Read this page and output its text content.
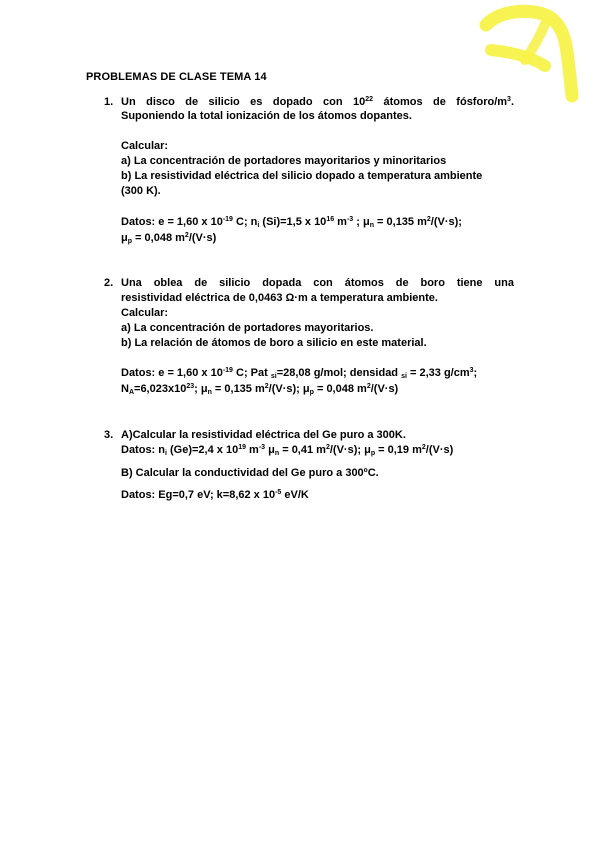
PROBLEMAS DE CLASE TEMA 14
1. Un disco de silicio es dopado con $10^{22}$ átomos de fósforo/$m^3$.
Suponiendo la total ionización de los átomos dopantes.
Calcular:
a) La concentración de portadores mayoritarios y minoritarios
b) La resistividad eléctrica del silicio dopado a temperatura ambiente
(300 K).
Datos: e = 1,60 x $10^{-19}$ C; $n_i$ (Si)=1,5 x $10^{16}$ $m^{-3}$ ; $\mu_n = 0,135$ $m^2/(V\cdot s)$;
$\mu_p = 0,048$ $m^2/(V\cdot s)$
2. Una oblea de silicio dopada con átomos de boro tiene una
resistividad eléctrica de 0,0463 Ω·m a temperatura ambiente.
Calcular:
a) La concentración de portadores mayoritarios.
b) La relación de átomos de boro a silicio en este material.
Datos: e = 1,60 x $10^{-19}$ C; Pat $_{si}$=28,08 g/mol; densidad $_{si}$ = 2,33 $g/cm^3$;
$N_A=6,023x10^{23}$; $\mu_n = 0,135$ $m^2/(V\cdot s)$; $\mu_p = 0,048$ $m^2/(V\cdot s)$
3. A)Calcular la resistividad eléctrica del Ge puro a 300K.
Datos: $n_i$ (Ge)=2,4 x $10^{19}$ $m^{-3}$ $\mu_n = 0,41$ $m^2/(V\cdot s)$; $\mu_p = 0,19$ $m^2/(V\cdot s)$
B) Calcular la conductividad del Ge puro a 300ºC.
Datos: Eg=0,7 eV; k=8,62 x $10^{-5}$ eV/K
